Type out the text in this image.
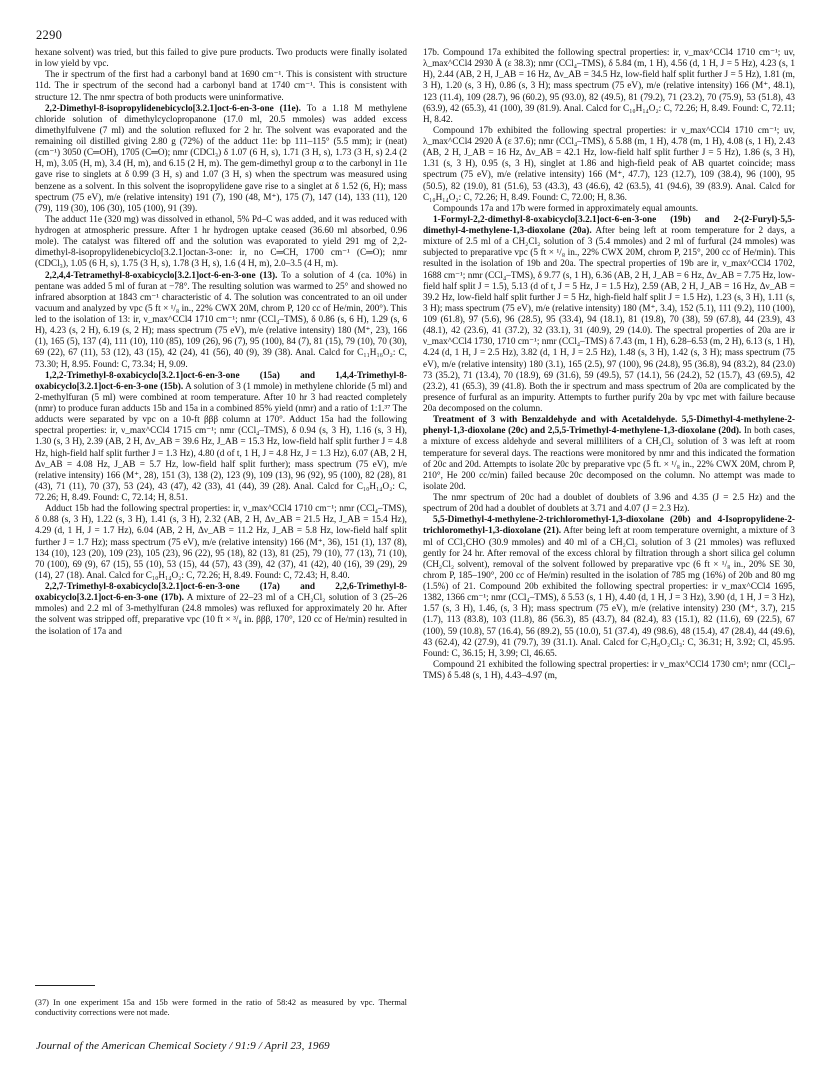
2290

hexane solvent) was tried, but this failed to give pure products. Two products were finally isolated in low yield by vpc.

The ir spectrum of the first had a carbonyl band at 1690 cm⁻¹. This is consistent with structure 11d. The ir spectrum of the second had a carbonyl band at 1740 cm⁻¹. This is consistent with structure 12. The nmr spectra of both products were uninformative.

2,2-Dimethyl-8-isopropylidenebicyclo[3.2.1]oct-6-en-3-one (11e). To a 1.18 M methylene chloride solution of dimethylcyclopropanone (17.0 ml, 20.5 mmoles) was added excess dimethylfulvene (7 ml) and the solution refluxed for 2 hr. The solvent was evaporated and the remaining oil distilled giving 2.80 g (72%) of the adduct 11e: bp 111–115° (5.5 mm); ir (neat) (cm⁻¹) 3050 (C═OH), 1705 (C═O); nmr (CDCl₃) δ 1.07 (6 H, s), 1.71 (3 H, s), 1.73 (3 H, s) 2.4 (2 H, m), 3.05 (H, m), 3.4 (H, m), and 6.15 (2 H, m). The gem-dimethyl group α to the carbonyl in 11e gave rise to singlets at δ 0.99 (3 H, s) and 1.07 (3 H, s) when the spectrum was measured using benzene as a solvent. In this solvent the isopropylidene gave rise to a singlet at δ 1.52 (6, H); mass spectrum (75 eV), m/e (relative intensity) 191 (7), 190 (48, M⁺), 175 (7), 147 (14), 133 (11), 120 (79), 119 (30), 106 (30), 105 (100), 91 (39).

The adduct 11e (320 mg) was dissolved in ethanol, 5% Pd–C was added, and it was reduced with hydrogen at atmospheric pressure. After 1 hr hydrogen uptake ceased (36.60 ml absorbed, 0.96 mole). The catalyst was filtered off and the solution was evaporated to yield 291 mg of 2,2-dimethyl-8-isopropylidenebicyclo[3.2.1]octan-3-one: ir, no C═CH, 1700 cm⁻¹ (C═O); nmr (CDCl₃), 1.05 (6 H, s), 1.75 (3 H, s), 1.78 (3 H, s), 1.6 (4 H, m), 2.0–3.5 (4 H, m).

2,2,4,4-Tetramethyl-8-oxabicyclo[3.2.1]oct-6-en-3-one (13). To a solution of 4 (ca. 10%) in pentane was added 5 ml of furan at −78°. The resulting solution was warmed to 25° and showed no infrared absorption at 1843 cm⁻¹ characteristic of 4. The solution was concentrated to an oil under vacuum and analyzed by vpc (5 ft × ¹/₈ in., 22% CWX 20M, chrom P, 120 cc of He/min, 200°). This led to the isolation of 13: ir, ν_max^CCl4 1710 cm⁻¹; nmr (CCl₄–TMS), δ 0.86 (s, 6 H), 1.29 (s, 6 H), 4.23 (s, 2 H), 6.19 (s, 2 H); mass spectrum (75 eV), m/e (relative intensity) 180 (M⁺, 23), 166 (1), 165 (5), 137 (4), 111 (10), 110 (85), 109 (26), 96 (7), 95 (100), 84 (7), 81 (15), 79 (10), 70 (30), 69 (22), 67 (11), 53 (12), 43 (15), 42 (24), 41 (56), 40 (9), 39 (38). Anal. Calcd for C₁₁H₁₆O₂: C, 73.30; H, 8.95. Found: C, 73.34; H, 9.09.

1,2,2-Trimethyl-8-oxabicyclo[3.2.1]oct-6-en-3-one (15a) and 1,4,4-Trimethyl-8-oxabicyclo[3.2.1]oct-6-en-3-one (15b). A solution of 3 (1 mmole) in methylene chloride (5 ml) and 2-methylfuran (5 ml) were combined at room temperature. After 10 hr 3 had reacted completely (nmr) to produce furan adducts 15b and 15a in a combined 85% yield (nmr) and a ratio of 1:1.³⁷ The adducts were separated by vpc on a 10-ft βββ column at 170°. Adduct 15a had the following spectral properties: ir, ν_max^CCl4 1715 cm⁻¹; nmr (CCl₄–TMS), δ 0.94 (s, 3 H), 1.16 (s, 3 H), 1.30 (s, 3 H), 2.39 (AB, 2 H, Δν_AB = 39.6 Hz, J_AB = 15.3 Hz, low-field half split further J = 4.8 Hz, high-field half split further J = 1.3 Hz), 4.80 (d of t, 1 H, J = 4.8 Hz, J = 1.3 Hz), 6.07 (AB, 2 H, Δν_AB = 4.08 Hz, J_AB = 5.7 Hz, low-field half split further); mass spectrum (75 eV), m/e (relative intensity) 166 (M⁺, 28), 151 (3), 138 (2), 123 (9), 109 (13), 96 (92), 95 (100), 82 (28), 81 (43), 71 (11), 70 (37), 53 (24), 43 (47), 42 (33), 41 (44), 39 (28). Anal. Calcd for C₁₀H₁₄O₂: C, 72.26; H, 8.49. Found: C, 72.14; H, 8.51.

Adduct 15b had the following spectral properties: ir, ν_max^CCl4 1710 cm⁻¹; nmr (CCl₄–TMS), δ 0.88 (s, 3 H), 1.22 (s, 3 H), 1.41 (s, 3 H), 2.32 (AB, 2 H, Δν_AB = 21.5 Hz, J_AB = 15.4 Hz), 4.29 (d, 1 H, J = 1.7 Hz), 6.04 (AB, 2 H, Δν_AB = 11.2 Hz, J_AB = 5.8 Hz, low-field half split further J = 1.7 Hz); mass spectrum (75 eV), m/e (relative intensity) 166 (M⁺, 36), 151 (1), 137 (8), 134 (10), 123 (20), 109 (23), 105 (23), 96 (22), 95 (18), 82 (13), 81 (25), 79 (10), 77 (13), 71 (10), 70 (100), 69 (9), 67 (15), 55 (10), 53 (15), 44 (57), 43 (39), 42 (37), 41 (42), 40 (16), 39 (29), 29 (14), 27 (18). Anal. Calcd for C₁₀H₁₄O₂: C, 72.26; H, 8.49. Found: C, 72.43; H, 8.40.

2,2,7-Trimethyl-8-oxabicyclo[3.2.1]oct-6-en-3-one (17a) and 2,2,6-Trimethyl-8-oxabicyclo[3.2.1]oct-6-en-3-one (17b). A mixture of 22–23 ml of a CH₂Cl₂ solution of 3 (25–26 mmoles) and 2.2 ml of 3-methylfuran (24.8 mmoles) was refluxed for approximately 20 hr. After the solvent was stripped off, preparative vpc (10 ft × ³/₈ in. βββ, 170°, 120 cc of He/min) resulted in the isolation of 17a and

17b. Compound 17a exhibited the following spectral properties: ir, ν_max^CCl4 1710 cm⁻¹; uv, λ_max^CCl4 2930 Å (ε 38.3); nmr (CCl₄–TMS), δ 5.84 (m, 1 H), 4.56 (d, 1 H, J = 5 Hz), 4.23 (s, 1 H), 2.44 (AB, 2 H, J_AB = 16 Hz, Δν_AB = 34.5 Hz, low-field half split further J = 5 Hz), 1.81 (m, 3 H), 1.20 (s, 3 H), 0.86 (s, 3 H); mass spectrum (75 eV), m/e (relative intensity) 166 (M⁺, 48.1), 123 (11.4), 109 (28.7), 96 (60.2), 95 (93.0), 82 (49.5), 81 (79.2), 71 (23.2), 70 (75.9), 53 (51.8), 43 (63.9), 42 (65.3), 41 (100), 39 (81.9). Anal. Calcd for C₁₀H₁₄O₂: C, 72.26; H, 8.49. Found: C, 72.11; H, 8.42.

Compound 17b exhibited the following spectral properties: ir ν_max^CCl4 1710 cm⁻¹; uv, λ_max^CCl4 2920 Å (ε 37.6); nmr (CCl₄–TMS), δ 5.88 (m, 1 H), 4.78 (m, 1 H), 4.08 (s, 1 H), 2.43 (AB, 2 H, J_AB = 16 Hz, Δν_AB = 42.1 Hz, low-field half split further J = 5 Hz), 1.86 (s, 3 H), 1.31 (s, 3 H), 0.95 (s, 3 H), singlet at 1.86 and high-field peak of AB quartet coincide; mass spectrum (75 eV), m/e (relative intensity) 166 (M⁺, 47.7), 123 (12.7), 109 (38.4), 96 (100), 95 (50.5), 82 (19.0), 81 (51.6), 53 (43.3), 43 (46.6), 42 (63.5), 41 (94.6), 39 (83.9). Anal. Calcd for C₁₀H₁₄O₂: C, 72.26; H, 8.49. Found: C, 72.00; H, 8.36.

Compounds 17a and 17b were formed in approximately equal amounts.

1-Formyl-2,2-dimethyl-8-oxabicyclo[3.2.1]oct-6-en-3-one (19b) and 2-(2-Furyl)-5,5-dimethyl-4-methylene-1,3-dioxolane (20a). After being left at room temperature for 2 days, a mixture of 2.5 ml of a CH₂Cl₂ solution of 3 (5.4 mmoles) and 2 ml of furfural (24 mmoles) was subjected to preparative vpc (5 ft × ¹/₈ in., 22% CWX 20M, chrom P, 215°, 200 cc of He/min). This resulted in the isolation of 19b and 20a. The spectral properties of 19b are ir, ν_max^CCl4 1702, 1688 cm⁻¹; nmr (CCl₄–TMS), δ 9.77 (s, 1 H), 6.36 (AB, 2 H, J_AB = 6 Hz, Δν_AB = 7.75 Hz, low-field half split J = 1.5), 5.13 (d of t, J = 5 Hz, J = 1.5 Hz), 2.59 (AB, 2 H, J_AB = 16 Hz, Δν_AB = 39.2 Hz, low-field half split further J = 5 Hz, high-field half split J = 1.5 Hz), 1.23 (s, 3 H), 1.11 (s, 3 H); mass spectrum (75 eV), m/e (relative intensity) 180 (M⁺, 3.4), 152 (5.1), 111 (9.2), 110 (100), 109 (61.8), 97 (5.6), 96 (28.5), 95 (33.4), 94 (18.1), 81 (19.8), 70 (38), 59 (67.8), 44 (23.9), 43 (48.1), 42 (23.6), 41 (37.2), 32 (33.1), 31 (40.9), 29 (14.0). The spectral properties of 20a are ir ν_max^CCl4 1730, 1710 cm⁻¹; nmr (CCl₄–TMS) δ 7.43 (m, 1 H), 6.28–6.53 (m, 2 H), 6.13 (s, 1 H), 4.24 (d, 1 H, J = 2.5 Hz), 3.82 (d, 1 H, J = 2.5 Hz), 1.48 (s, 3 H), 1.42 (s, 3 H); mass spectrum (75 eV), m/e (relative intensity) 180 (3.1), 165 (2.5), 97 (100), 96 (24.8), 95 (36.8), 94 (83.2), 84 (23.0) 73 (35.2), 71 (13.4), 70 (18.9), 69 (31.6), 59 (49.5), 57 (14.1), 56 (24.2), 52 (15.7), 43 (69.5), 42 (23.2), 41 (65.3), 39 (41.8). Both the ir spectrum and mass spectrum of 20a are complicated by the presence of furfural as an impurity. Attempts to further purify 20a by vpc met with failure because 20a decomposed on the column.

Treatment of 3 with Benzaldehyde and with Acetaldehyde. 5,5-Dimethyl-4-methylene-2-phenyl-1,3-dioxolane (20c) and 2,5,5-Trimethyl-4-methylene-1,3-dioxolane (20d). In both cases, a mixture of excess aldehyde and several milliliters of a CH₂Cl₂ solution of 3 was left at room temperature for several days. The reactions were monitored by nmr and this indicated the formation of 20c and 20d. Attempts to isolate 20c by preparative vpc (5 ft. × ¹/₈ in., 22% CWX 20M, chrom P, 210°, He 200 cc/min) failed because 20c decomposed on the column. No attempt was made to isolate 20d.

The nmr spectrum of 20c had a doublet of doublets of 3.96 and 4.35 (J = 2.5 Hz) and the spectrum of 20d had a doublet of doublets at 3.71 and 4.07 (J = 2.3 Hz).

5,5-Dimethyl-4-methylene-2-trichloromethyl-1,3-dioxolane (20b) and 4-Isopropylidene-2-trichloromethyl-1,3-dioxolane (21). After being left at room temperature overnight, a mixture of 3 ml of CCl₃CHO (30.9 mmoles) and 40 ml of a CH₂Cl₂ solution of 3 (21 mmoles) was refluxed gently for 24 hr. After removal of the excess chloral by filtration through a short silica gel column (CH₂Cl₂ solvent), removal of the solvent followed by preparative vpc (6 ft × ¹/₈ in., 20% SE 30, chrom P, 185–190°, 200 cc of He/min) resulted in the isolation of 785 mg (16%) of 20b and 80 mg (1.5%) of 21. Compound 20b exhibited the following spectral properties: ir ν_max^CCl4 1695, 1382, 1366 cm⁻¹; nmr (CCl₄–TMS), δ 5.53 (s, 1 H), 4.40 (d, 1 H, J = 3 Hz), 3.90 (d, 1 H, J = 3 Hz), 1.57 (s, 3 H), 1.46, (s, 3 H); mass spectrum (75 eV), m/e (relative intensity) 230 (M⁺, 3.7), 215 (1.7), 113 (83.8), 103 (11.8), 86 (56.3), 85 (43.7), 84 (82.4), 83 (15.1), 82 (11.6), 69 (22.5), 67 (100), 59 (10.8), 57 (16.4), 56 (89.2), 55 (10.0), 51 (37.4), 49 (98.6), 48 (15.4), 47 (28.4), 44 (49.6), 43 (62.4), 42 (27.9), 41 (79.7), 39 (31.1). Anal. Calcd for C₇H₉O₂Cl₃: C, 36.31; H, 3.92; Cl, 45.95. Found: C, 36.15; H, 3.99; Cl, 46.65.

Compound 21 exhibited the following spectral properties: ir ν_max^CCl4 1730 cm¹; nmr (CCl₄–TMS) δ 5.48 (s, 1 H), 4.43–4.97 (m,

(37) In one experiment 15a and 15b were formed in the ratio of 58:42 as measured by vpc. Thermal conductivity corrections were not made.
Journal of the American Chemical Society / 91:9 / April 23, 1969
